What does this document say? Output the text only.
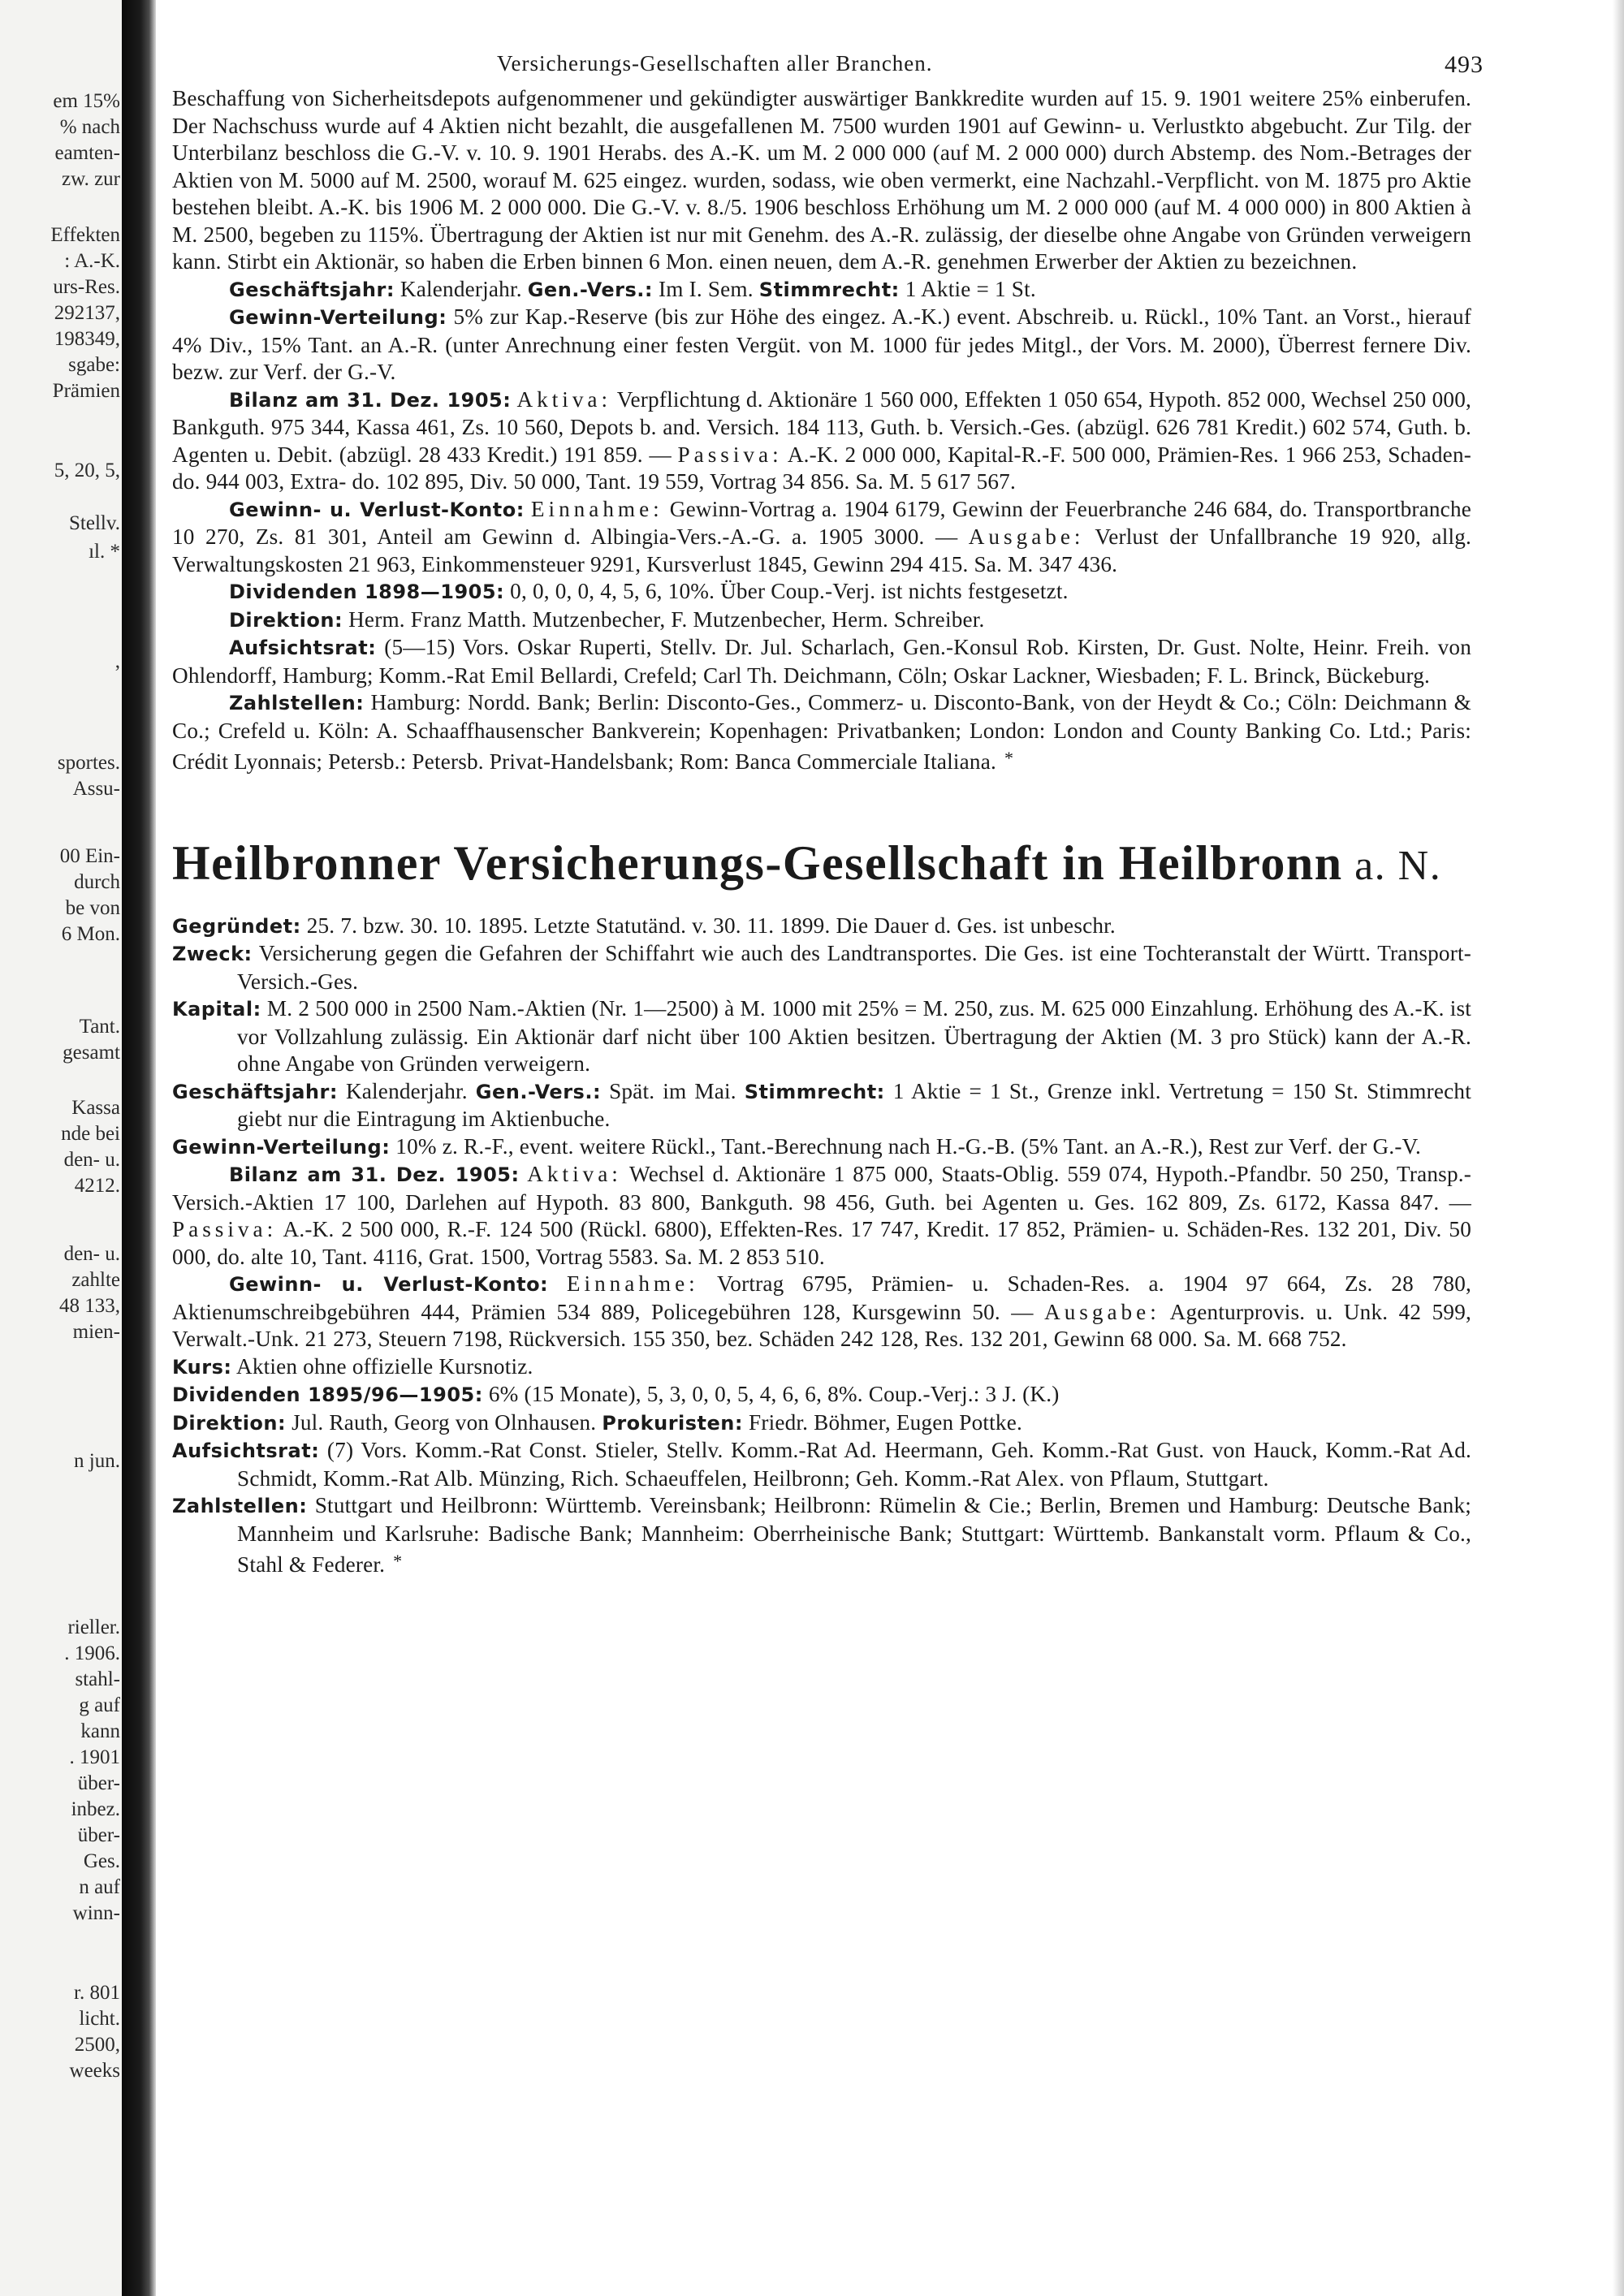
em 15%
% nach
eamten-
zw. zur
Effekten
: A.-K.
urs-Res.
292137,
198349,
sgabe:
Prämien
5, 20, 5,
Stellv.
ıl. *
,
sportes.
Assu-
00 Ein-
durch
be von
6 Mon.
Tant.
gesamt
Kassa
nde bei
den- u.
4212.
den- u.
zahlte
48 133,
mien-
n jun.
rieller.
. 1906.
stahl-
g auf
kann
. 1901
über-
inbez.
über-
Ges.
n auf
winn-
r. 801
licht.
2500,
weeks
Versicherungs-Gesellschaften aller Branchen.	493

Beschaffung von Sicherheitsdepots aufgenommener und gekündigter auswärtiger Bankkredite wurden auf 15. 9. 1901 weitere 25% einberufen. Der Nachschuss wurde auf 4 Aktien nicht bezahlt, die ausgefallenen M. 7500 wurden 1901 auf Gewinn- u. Verlustkto abgebucht. Zur Tilg. der Unterbilanz beschloss die G.-V. v. 10. 9. 1901 Herabs. des A.-K. um M. 2 000 000 (auf M. 2 000 000) durch Abstemp. des Nom.-Betrages der Aktien von M. 5000 auf M. 2500, worauf M. 625 eingez. wurden, sodass, wie oben vermerkt, eine Nachzahl.-Verpflicht. von M. 1875 pro Aktie bestehen bleibt. A.-K. bis 1906 M. 2 000 000. Die G.-V. v. 8./5. 1906 beschloss Erhöhung um M. 2 000 000 (auf M. 4 000 000) in 800 Aktien à M. 2500, begeben zu 115%. Übertragung der Aktien ist nur mit Genehm. des A.-R. zulässig, der dieselbe ohne Angabe von Gründen verweigern kann. Stirbt ein Aktionär, so haben die Erben binnen 6 Mon. einen neuen, dem A.-R. genehmen Erwerber der Aktien zu bezeichnen.

Geschäftsjahr: Kalenderjahr. Gen.-Vers.: Im I. Sem. Stimmrecht: 1 Aktie = 1 St.

Gewinn-Verteilung: 5% zur Kap.-Reserve (bis zur Höhe des eingez. A.-K.) event. Abschreib. u. Rückl., 10% Tant. an Vorst., hierauf 4% Div., 15% Tant. an A.-R. (unter Anrechnung einer festen Vergüt. von M. 1000 für jedes Mitgl., der Vors. M. 2000), Überrest fernere Div. bezw. zur Verf. der G.-V.

Bilanz am 31. Dez. 1905: Aktiva: Verpflichtung d. Aktionäre 1 560 000, Effekten 1 050 654, Hypoth. 852 000, Wechsel 250 000, Bankguth. 975 344, Kassa 461, Zs. 10 560, Depots b. and. Versich. 184 113, Guth. b. Versich.-Ges. (abzügl. 626 781 Kredit.) 602 574, Guth. b. Agenten u. Debit. (abzügl. 28 433 Kredit.) 191 859. — Passiva: A.-K. 2 000 000, Kapital-R.-F. 500 000, Prämien-Res. 1 966 253, Schaden- do. 944 003, Extra- do. 102 895, Div. 50 000, Tant. 19 559, Vortrag 34 856. Sa. M. 5 617 567.

Gewinn- u. Verlust-Konto: Einnahme: Gewinn-Vortrag a. 1904 6179, Gewinn der Feuerbranche 246 684, do. Transportbranche 10 270, Zs. 81 301, Anteil am Gewinn d. Albingia-Vers.-A.-G. a. 1905 3000. — Ausgabe: Verlust der Unfallbranche 19 920, allg. Verwaltungskosten 21 963, Einkommensteuer 9291, Kursverlust 1845, Gewinn 294 415. Sa. M. 347 436.

Dividenden 1898—1905: 0, 0, 0, 0, 4, 5, 6, 10%. Über Coup.-Verj. ist nichts festgesetzt.

Direktion: Herm. Franz Matth. Mutzenbecher, F. Mutzenbecher, Herm. Schreiber.

Aufsichtsrat: (5—15) Vors. Oskar Ruperti, Stellv. Dr. Jul. Scharlach, Gen.-Konsul Rob. Kirsten, Dr. Gust. Nolte, Heinr. Freih. von Ohlendorff, Hamburg; Komm.-Rat Emil Bellardi, Crefeld; Carl Th. Deichmann, Cöln; Oskar Lackner, Wiesbaden; F. L. Brinck, Bückeburg.

Zahlstellen: Hamburg: Nordd. Bank; Berlin: Disconto-Ges., Commerz- u. Disconto-Bank, von der Heydt & Co.; Cöln: Deichmann & Co.; Crefeld u. Köln: A. Schaaffhausenscher Bankverein; Kopenhagen: Privatbanken; London: London and County Banking Co. Ltd.; Paris: Crédit Lyonnais; Petersb.: Petersb. Privat-Handelsbank; Rom: Banca Commerciale Italiana. *

Heilbronner Versicherungs-Gesellschaft in Heilbronn a. N.

Gegründet: 25. 7. bzw. 30. 10. 1895. Letzte Statutänd. v. 30. 11. 1899. Die Dauer d. Ges. ist unbeschr.

Zweck: Versicherung gegen die Gefahren der Schiffahrt wie auch des Landtransportes. Die Ges. ist eine Tochteranstalt der Württ. Transport-Versich.-Ges.

Kapital: M. 2 500 000 in 2500 Nam.-Aktien (Nr. 1—2500) à M. 1000 mit 25% = M. 250, zus. M. 625 000 Einzahlung. Erhöhung des A.-K. ist vor Vollzahlung zulässig. Ein Aktionär darf nicht über 100 Aktien besitzen. Übertragung der Aktien (M. 3 pro Stück) kann der A.-R. ohne Angabe von Gründen verweigern.

Geschäftsjahr: Kalenderjahr. Gen.-Vers.: Spät. im Mai. Stimmrecht: 1 Aktie = 1 St., Grenze inkl. Vertretung = 150 St. Stimmrecht giebt nur die Eintragung im Aktienbuche.

Gewinn-Verteilung: 10% z. R.-F., event. weitere Rückl., Tant.-Berechnung nach H.-G.-B. (5% Tant. an A.-R.), Rest zur Verf. der G.-V.

Bilanz am 31. Dez. 1905: Aktiva: Wechsel d. Aktionäre 1 875 000, Staats-Oblig. 559 074, Hypoth.-Pfandbr. 50 250, Transp.-Versich.-Aktien 17 100, Darlehen auf Hypoth. 83 800, Bankguth. 98 456, Guth. bei Agenten u. Ges. 162 809, Zs. 6172, Kassa 847. — Passiva: A.-K. 2 500 000, R.-F. 124 500 (Rückl. 6800), Effekten-Res. 17 747, Kredit. 17 852, Prämien- u. Schäden-Res. 132 201, Div. 50 000, do. alte 10, Tant. 4116, Grat. 1500, Vortrag 5583. Sa. M. 2 853 510.

Gewinn- u. Verlust-Konto: Einnahme: Vortrag 6795, Prämien- u. Schaden-Res. a. 1904 97 664, Zs. 28 780, Aktienumschreibgebühren 444, Prämien 534 889, Policegebühren 128, Kursgewinn 50. — Ausgabe: Agenturprovis. u. Unk. 42 599, Verwalt.-Unk. 21 273, Steuern 7198, Rückversich. 155 350, bez. Schäden 242 128, Res. 132 201, Gewinn 68 000. Sa. M. 668 752.

Kurs: Aktien ohne offizielle Kursnotiz.

Dividenden 1895/96—1905: 6% (15 Monate), 5, 3, 0, 0, 5, 4, 6, 6, 8%. Coup.-Verj.: 3 J. (K.)

Direktion: Jul. Rauth, Georg von Olnhausen. Prokuristen: Friedr. Böhmer, Eugen Pottke.

Aufsichtsrat: (7) Vors. Komm.-Rat Const. Stieler, Stellv. Komm.-Rat Ad. Heermann, Geh. Komm.-Rat Gust. von Hauck, Komm.-Rat Ad. Schmidt, Komm.-Rat Alb. Münzing, Rich. Schaeuffelen, Heilbronn; Geh. Komm.-Rat Alex. von Pflaum, Stuttgart.

Zahlstellen: Stuttgart und Heilbronn: Württemb. Vereinsbank; Heilbronn: Rümelin & Cie.; Berlin, Bremen und Hamburg: Deutsche Bank; Mannheim und Karlsruhe: Badische Bank; Mannheim: Oberrheinische Bank; Stuttgart: Württemb. Bankanstalt vorm. Pflaum & Co., Stahl & Federer. *
